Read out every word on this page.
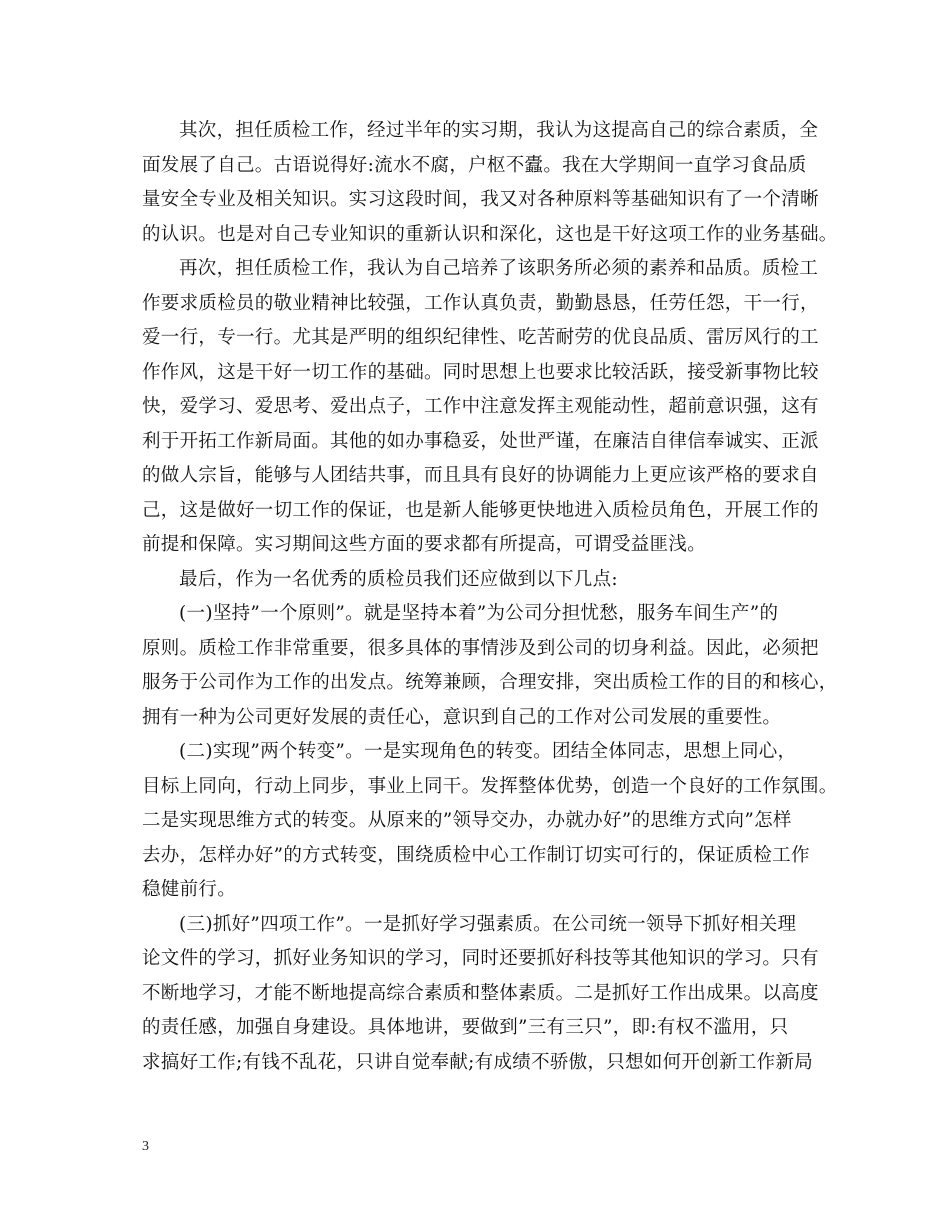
其次，担任质检工作，经过半年的实习期，我认为这提高自己的综合素质，全
面发展了自己。古语说得好:流水不腐，户枢不蠹。我在大学期间一直学习食品质
量安全专业及相关知识。实习这段时间，我又对各种原料等基础知识有了一个清晰
的认识。也是对自己专业知识的重新认识和深化，这也是干好这项工作的业务基础。
再次，担任质检工作，我认为自己培养了该职务所必须的素养和品质。质检工
作要求质检员的敬业精神比较强，工作认真负责，勤勤恳恳，任劳任怨，干一行，
爱一行，专一行。尤其是严明的组织纪律性、吃苦耐劳的优良品质、雷厉风行的工
作作风，这是干好一切工作的基础。同时思想上也要求比较活跃，接受新事物比较
快，爱学习、爱思考、爱出点子，工作中注意发挥主观能动性，超前意识强，这有
利于开拓工作新局面。其他的如办事稳妥，处世严谨，在廉洁自律信奉诚实、正派
的做人宗旨，能够与人团结共事，而且具有良好的协调能力上更应该严格的要求自
己，这是做好一切工作的保证，也是新人能够更快地进入质检员角色，开展工作的
前提和保障。实习期间这些方面的要求都有所提高，可谓受益匪浅。
最后，作为一名优秀的质检员我们还应做到以下几点:
(一)坚持”一个原则”。就是坚持本着”为公司分担忧愁，服务车间生产”的
原则。质检工作非常重要，很多具体的事情涉及到公司的切身利益。因此，必须把
服务于公司作为工作的出发点。统筹兼顾，合理安排，突出质检工作的目的和核心，
拥有一种为公司更好发展的责任心，意识到自己的工作对公司发展的重要性。
(二)实现”两个转变”。一是实现角色的转变。团结全体同志，思想上同心，
目标上同向，行动上同步，事业上同干。发挥整体优势，创造一个良好的工作氛围。
二是实现思维方式的转变。从原来的”领导交办，办就办好”的思维方式向”怎样
去办，怎样办好”的方式转变，围绕质检中心工作制订切实可行的，保证质检工作
稳健前行。
(三)抓好”四项工作”。一是抓好学习强素质。在公司统一领导下抓好相关理
论文件的学习，抓好业务知识的学习，同时还要抓好科技等其他知识的学习。只有
不断地学习，才能不断地提高综合素质和整体素质。二是抓好工作出成果。以高度
的责任感，加强自身建设。具体地讲，要做到”三有三只”，即:有权不滥用，只
求搞好工作;有钱不乱花，只讲自觉奉献;有成绩不骄傲，只想如何开创新工作新局
3
